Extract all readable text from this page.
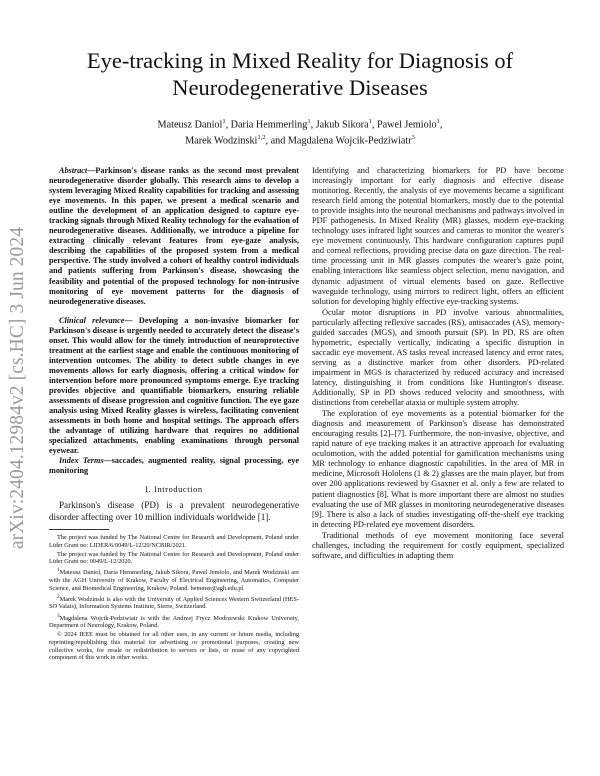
arXiv:2404.12984v2 [cs.HC] 3 Jun 2024
Eye-tracking in Mixed Reality for Diagnosis of Neurodegenerative Diseases
Mateusz Daniol$^1$, Daria Hemmerling$^1$, Jakub Sikora$^1$, Pawel Jemiolo$^1$,
Marek Wodzinski$^{1,2}$, and Magdalena Wojcik-Pedziwiatr$^3$

Abstract—Parkinson's disease ranks as the second most prevalent neurodegenerative disorder globally. This research aims to develop a system leveraging Mixed Reality capabilities for tracking and assessing eye movements. In this paper, we present a medical scenario and outline the development of an application designed to capture eye-tracking signals through Mixed Reality technology for the evaluation of neurodegenerative diseases. Additionally, we introduce a pipeline for extracting clinically relevant features from eye-gaze analysis, describing the capabilities of the proposed system from a medical perspective. The study involved a cohort of healthy control individuals and patients suffering from Parkinson's disease, showcasing the feasibility and potential of the proposed technology for non-intrusive monitoring of eye movement patterns for the diagnosis of neurodegenerative diseases.

Clinical relevance— Developing a non-invasive biomarker for Parkinson's disease is urgently needed to accurately detect the disease's onset. This would allow for the timely introduction of neuroprotective treatment at the earliest stage and enable the continuous monitoring of intervention outcomes. The ability to detect subtle changes in eye movements allows for early diagnosis, offering a critical window for intervention before more pronounced symptoms emerge. Eye tracking provides objective and quantifiable biomarkers, ensuring reliable assessments of disease progression and cognitive function. The eye gaze analysis using Mixed Reality glasses is wireless, facilitating convenient assessments in both home and hospital settings. The approach offers the advantage of utilizing hardware that requires no additional specialized attachments, enabling examinations through personal eyewear.

Index Terms—saccades, augmented reality, signal processing, eye monitoring

I. Introduction

Parkinson's disease (PD) is a prevalent neurodegenerative disorder affecting over 10 million individuals worldwide [1].

The project was funded by The National Centre for Research and Development, Poland under Lider Grant no: LIDER/6/0049/L-12/20/NCBIR/2021.

The project was funded by The National Centre for Research and Development, Poland under Lider Grant no: 0049/L-12/2020.

$^1$Mateusz Daniol, Daria Hemmerling, Jakub Sikora, Pawel Jemiolo, and Marek Wodzinski are with the AGH University of Krakow, Faculty of Electrical Engineering, Automatics, Computer Science, and Biomedical Engineering, Krakow, Poland. hemmer@agh.edu.pl

$^2$Marek Wodzinski is also with the University of Applied Sciences Western Switzerland (HES-SO Valais), Information Systems Institute, Sierre, Switzerland.

$^3$Magdalena Wojcik-Pedziwiatr is with the Andrzej Frycz Modrzewski Krakow University, Department of Neurology, Krakow, Poland.

© 2024 IEEE must be obtained for all other uses, in any current or future media, including reprinting/republishing this material for advertising or promotional purposes, creating new collective works, for resale or redistribution to servers or lists, or reuse of any copyrighted component of this work in other works.

Identifying and characterizing biomarkers for PD have become increasingly important for early diagnosis and effective disease monitoring. Recently, the analysis of eye movements became a significant research field among the potential biomarkers, mostly due to the potential to provide insights into the neuronal mechanisms and pathways involved in PDF pathogenesis. In Mixed Reality (MR) glasses, modern eye-tracking technology uses infrared light sources and cameras to monitor the wearer's eye movement continuously. This hardware configuration captures pupil and corneal reflections, providing precise data on gaze direction. The real-time processing unit in MR glasses computes the wearer's gaze point, enabling interactions like seamless object selection, menu navigation, and dynamic adjustment of virtual elements based on gaze. Reflective waveguide technology, using mirrors to redirect light, offers an efficient solution for developing highly effective eye-tracking systems.

Ocular motor disruptions in PD involve various abnormalities, particularly affecting reflexive saccades (RS), antisaccades (AS), memory-guided saccades (MGS), and smooth pursuit (SP). In PD, RS are often hypometric, especially vertically, indicating a specific disruption in saccadic eye movement. AS tasks reveal increased latency and error rates, serving as a distinctive marker from other disorders. PD-related impairment in MGS is characterized by reduced accuracy and increased latency, distinguishing it from conditions like Huntington's disease. Additionally, SP in PD shows reduced velocity and smoothness, with distinctions from cerebellar ataxia or multiple system atrophy.

The exploration of eye movements as a potential biomarker for the diagnosis and measurement of Parkinson's disease has demonstrated encouraging results [2]–[7]. Furthermore, the non-invasive, objective, and rapid nature of eye tracking makes it an attractive approach for evaluating oculomotion, with the added potential for gamification mechanisms using MR technology to enhance diagnostic capabilities. In the area of MR in medicine, Microsoft Hololens (1 & 2) glasses are the main player, but from over 200 applications reviewed by Gsaxner et al. only a few are related to patient diagnostics [8]. What is more important there are almost no studies evaluating the use of MR glasses in monitoring neurodegenerative diseases [9]. There is also a lack of studies investigating off-the-shelf eye tracking in detecting PD-related eye movement disorders.

Traditional methods of eye movement monitoring face several challenges, including the requirement for costly equipment, specialized software, and difficulties in adapting them
